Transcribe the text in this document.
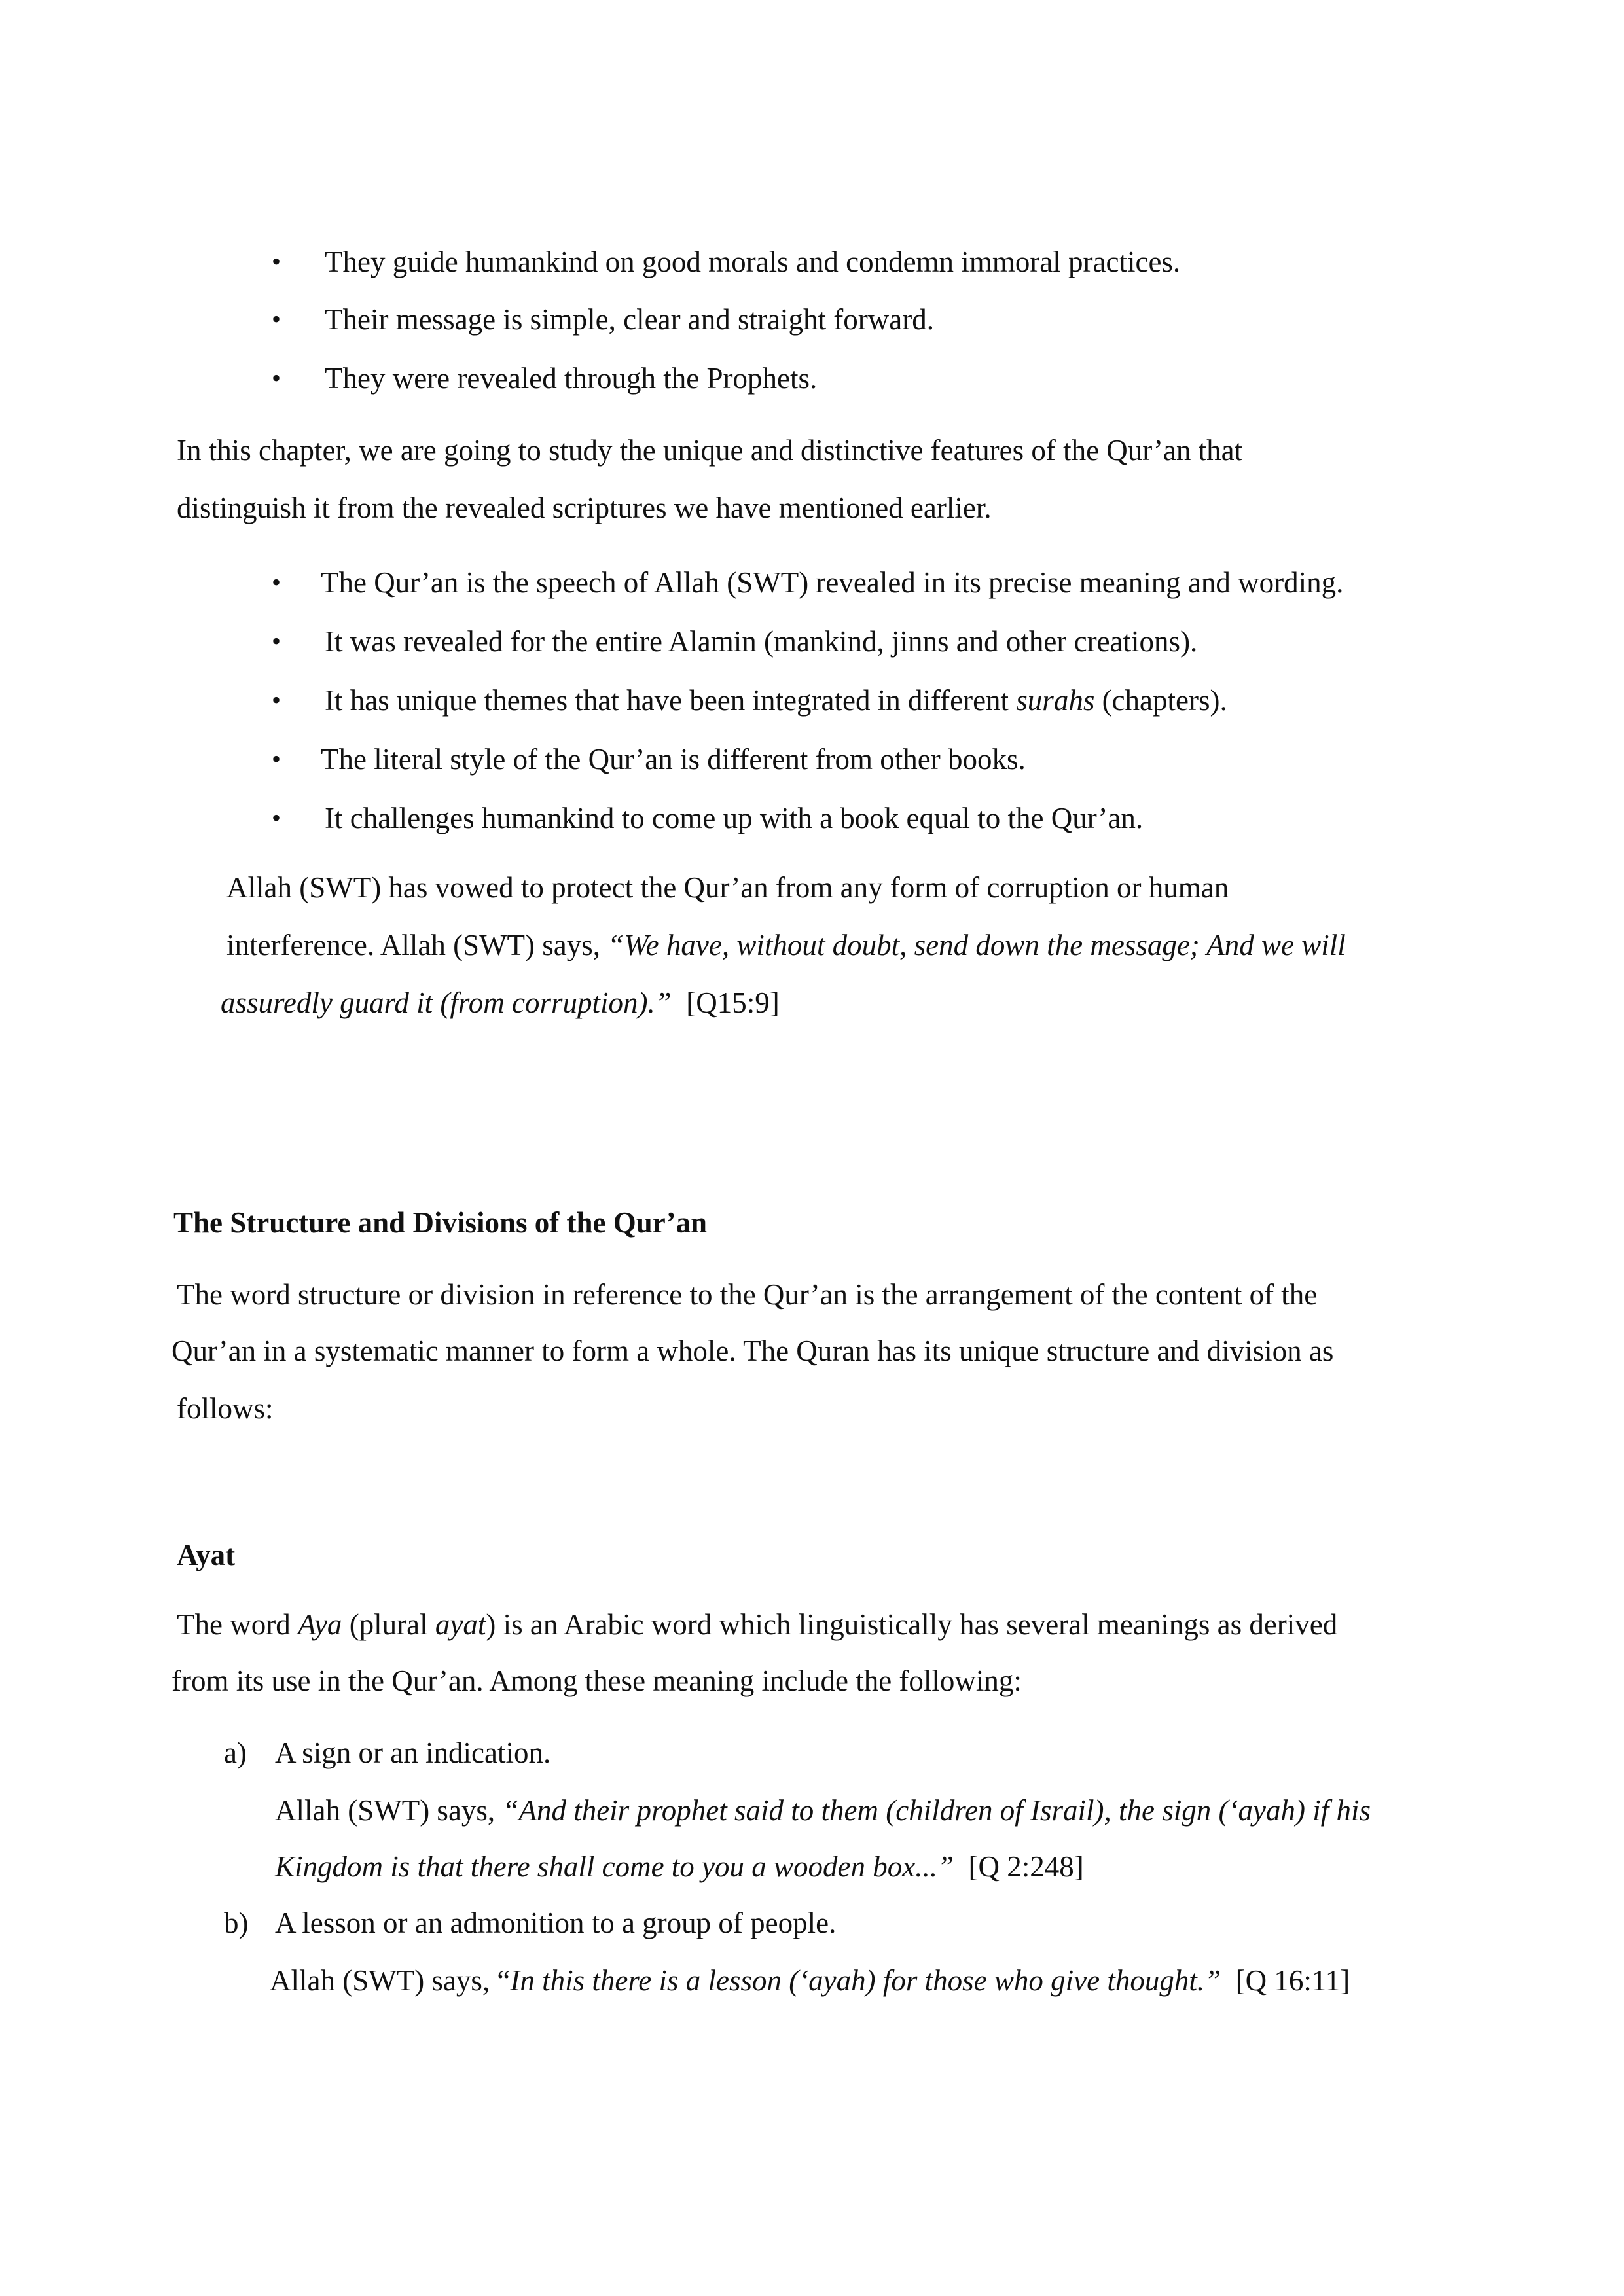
• They guide humankind on good morals and condemn immoral practices.
• Their message is simple, clear and straight forward.
• They were revealed through the Prophets.
In this chapter, we are going to study the unique and distinctive features of the Qur’an that
distinguish it from the revealed scriptures we have mentioned earlier.
• The Qur’an is the speech of Allah (SWT) revealed in its precise meaning and wording.
• It was revealed for the entire Alamin (mankind, jinns and other creations).
• It has unique themes that have been integrated in different surahs (chapters).
• The literal style of the Qur’an is different from other books.
• It challenges humankind to come up with a book equal to the Qur’an.
Allah (SWT) has vowed to protect the Qur’an from any form of corruption or human
interference. Allah (SWT) says, “We have, without doubt, send down the message; And we will
assuredly guard it (from corruption).” [Q15:9]
The Structure and Divisions of the Qur’an
The word structure or division in reference to the Qur’an is the arrangement of the content of the
Qur’an in a systematic manner to form a whole. The Quran has its unique structure and division as
follows:
Ayat
The word Aya (plural ayat) is an Arabic word which linguistically has several meanings as derived
from its use in the Qur’an. Among these meaning include the following:
a) A sign or an indication.
Allah (SWT) says, “And their prophet said to them (children of Israil), the sign (‘ayah) if his
Kingdom is that there shall come to you a wooden box...” [Q 2:248]
b) A lesson or an admonition to a group of people.
Allah (SWT) says, “In this there is a lesson (‘ayah) for those who give thought.” [Q 16:11]
